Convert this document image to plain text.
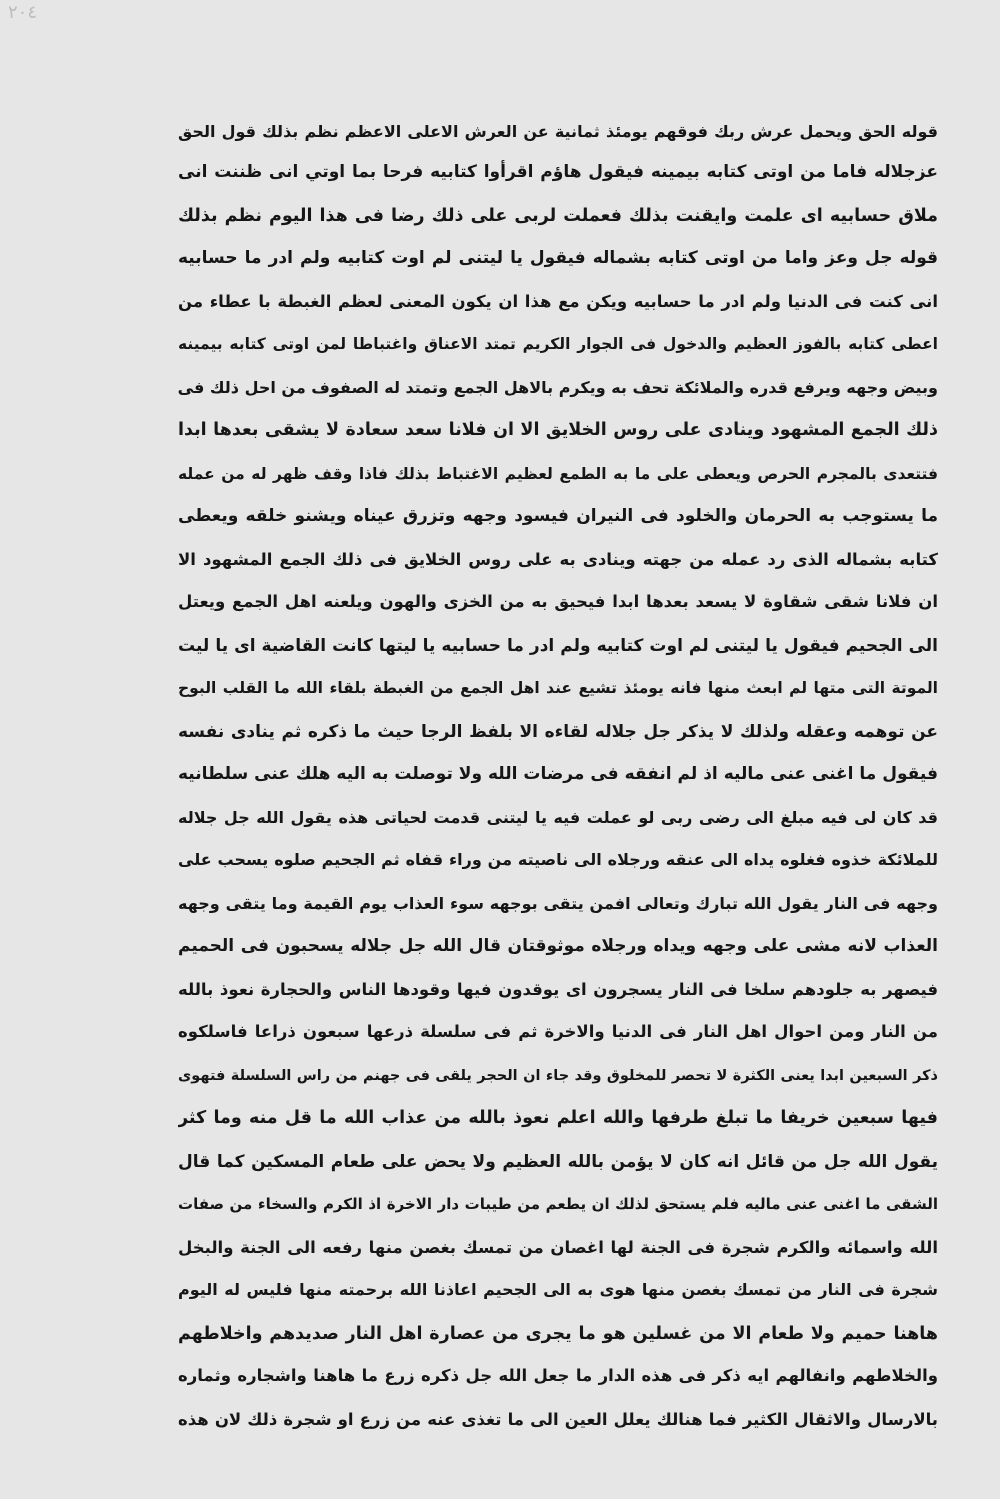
٢٠٤
قوله الحق ويحمل عرش ربك فوقهم يومئذ ثمانية عن العرش الاعلى الاعظم نظم بذلك قول الحق
عزجلاله فاما من اوتى كتابه بيمينه فيقول هاؤم اقرأوا كتابيه فرحا بما اوتي انى ظننت انى
ملاق حسابيه اى علمت وايقنت بذلك فعملت لربى على ذلك رضا فى هذا اليوم نظم بذلك
قوله جل وعز واما من اوتى كتابه بشماله فيقول يا ليتنى لم اوت كتابيه ولم ادر ما حسابيه
انى كنت فى الدنيا ولم ادر ما حسابيه ويكن مع هذا ان يكون المعنى لعظم الغبطة با عطاء من
اعطى كتابه بالفوز العظيم والدخول فى الجوار الكريم تمتد الاعناق واغتباطا لمن اوتى كتابه بيمينه
وبيض وجهه ويرفع قدره والملائكة تحف به ويكرم بالاهل الجمع وتمتد له الصفوف من احل ذلك فى
ذلك الجمع المشهود وينادى على روس الخلايق الا ان فلانا سعد سعادة لا يشقى بعدها ابدا
فتتعدى بالمجرم الحرص ويعطى على ما به الطمع لعظيم الاغتباط بذلك فاذا وقف ظهر له من عمله
ما يستوجب به الحرمان والخلود فى النيران فيسود وجهه وتزرق عيناه ويشنو خلقه ويعطى
كتابه بشماله الذى رد عمله من جهته وينادى به على روس الخلايق فى ذلك الجمع المشهود الا
ان فلانا شقى شقاوة لا يسعد بعدها ابدا فيحيق به من الخزى والهون ويلعنه اهل الجمع ويعتل
الى الجحيم فيقول يا ليتنى لم اوت كتابيه ولم ادر ما حسابيه يا ليتها كانت القاضية اى يا ليت
الموتة التى متها لم ابعث منها فانه يومئذ تشيع عند اهل الجمع من الغبطة بلقاء الله ما القلب البوح
عن توهمه وعقله ولذلك لا يذكر جل جلاله لقاءه الا بلفظ الرجا حيث ما ذكره ثم ينادى نفسه
فيقول ما اغنى عنى ماليه اذ لم انفقه فى مرضات الله ولا توصلت به اليه هلك عنى سلطانيه
قد كان لى فيه مبلغ الى رضى ربى لو عملت فيه يا ليتنى قدمت لحياتى هذه يقول الله جل جلاله
للملائكة خذوه فغلوه يداه الى عنقه ورجلاه الى ناصيته من وراء قفاه ثم الجحيم صلوه يسحب على
وجهه فى النار يقول الله تبارك وتعالى افمن يتقى بوجهه سوء العذاب يوم القيمة وما يتقى وجهه
العذاب لانه مشى على وجهه ويداه ورجلاه موثوقتان قال الله جل جلاله يسحبون فى الحميم
فيصهر به جلودهم سلخا فى النار يسجرون اى يوقدون فيها وقودها الناس والحجارة نعوذ بالله
من النار ومن احوال اهل النار فى الدنيا والاخرة ثم فى سلسلة ذرعها سبعون ذراعا فاسلكوه
ذكر السبعين ابدا يعنى الكثرة لا تحصر للمخلوق وقد جاء ان الحجر يلقى فى جهنم من راس السلسلة فتهوى
فيها سبعين خريفا ما تبلغ طرفها والله اعلم نعوذ بالله من عذاب الله ما قل منه وما كثر
يقول الله جل من قائل انه كان لا يؤمن بالله العظيم ولا يحض على طعام المسكين كما قال
الشقى ما اغنى عنى ماليه فلم يستحق لذلك ان يطعم من طيبات دار الاخرة اذ الكرم والسخاء من صفات
الله واسمائه والكرم شجرة فى الجنة لها اغصان من تمسك بغصن منها رفعه الى الجنة والبخل
شجرة فى النار من تمسك بغصن منها هوى به الى الجحيم اعاذنا الله برحمته منها فليس له اليوم
هاهنا حميم ولا طعام الا من غسلين هو ما يجرى من عصارة اهل النار صديدهم واخلاطهم
والخلاطهم وانفالهم ايه ذكر فى هذه الدار ما جعل الله جل ذكره زرع ما هاهنا واشجاره وثماره
بالارسال والاثقال الكثير فما هنالك يعلل العين الى ما تغذى عنه من زرع او شجرة ذلك لان هذه
